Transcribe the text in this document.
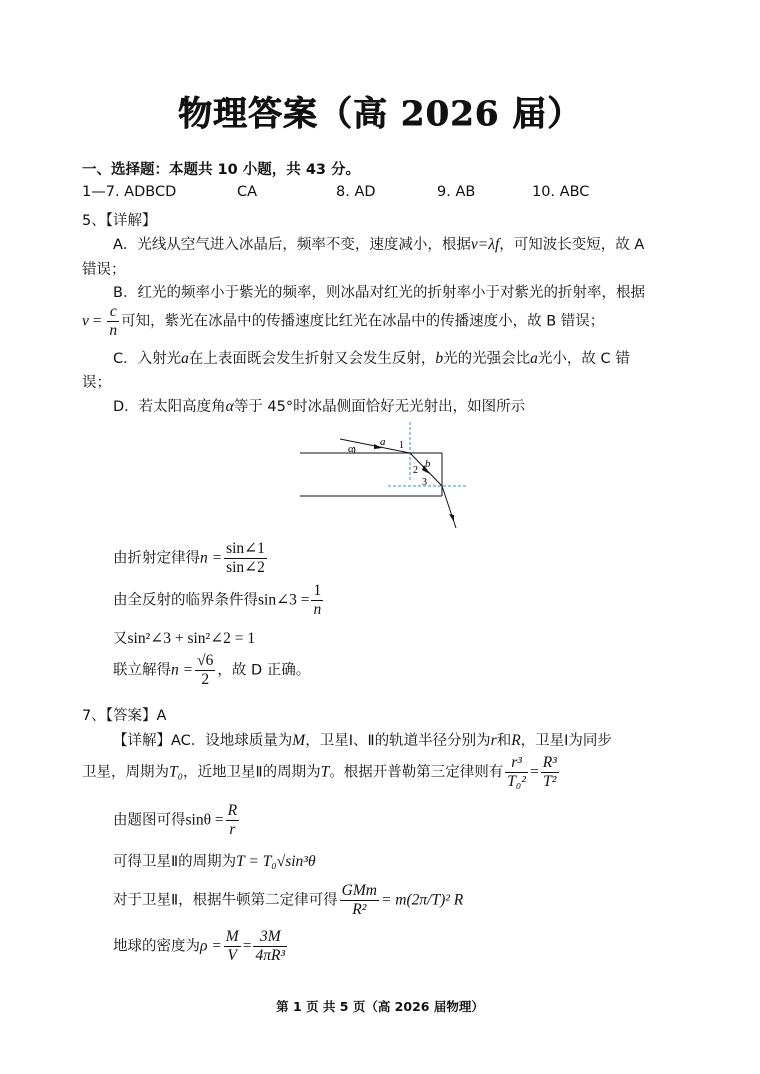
物理答案（高 2026 届）
一、选择题：本题共 10 小题，共 43 分。
1—7. ADBCD	CA	8. AD	9. AB	10. ABC
5、【详解】
A．光线从空气进入冰晶后，频率不变，速度减小，根据v=λf，可知波长变短，故 A
错误；
B．红光的频率小于紫光的频率，则冰晶对红光的折射率小于对紫光的折射率，根据
$v = \frac{c}{n}$ 可知，紫光在冰晶中的传播速度比红光在冰晶中的传播速度小，故 B 错误；
C．入射光a在上表面既会发生折射又会发生反射，b光的光强会比a光小，故 C 错
误；
D．若太阳高度角α等于 45°时冰晶侧面恰好无光射出，如图所示
α
a 1
2
b
3
由折射定律得$n = \frac{\sin\angle 1}{\sin\angle 2}$
由全反射的临界条件得sin∠3 = $\frac{1}{n}$
又sin²∠3 + sin²∠2 = 1
联立解得$n = \frac{√6}{2}$ ，故 D 正确。
7、【答案】A
【详解】AC．设地球质量为M，卫星Ⅰ、Ⅱ的轨道半径分别为r和R，卫星Ⅰ为同步
卫星，周期为T₀，近地卫星Ⅱ的周期为T。根据开普勒第三定律则有 $\frac{\text{r³}}{\text{T₀²}} = \frac{\text{R³}}{\text{T²}}$
由题图可得$\sin\theta = \frac{R}{r}$
可得卫星Ⅱ的周期为T = T₀√sin³θ
对于卫星Ⅱ，根据牛顿第二定律可得 $\frac{\text{GMm}}{\text{R²}} = m(2\pi/T)^2$ R
地球的密度为$\rho = \frac{M}{V} = \frac{3M}{\text{4πR³}}$
第 1 页 共 5 页（高 2026 届物理）
